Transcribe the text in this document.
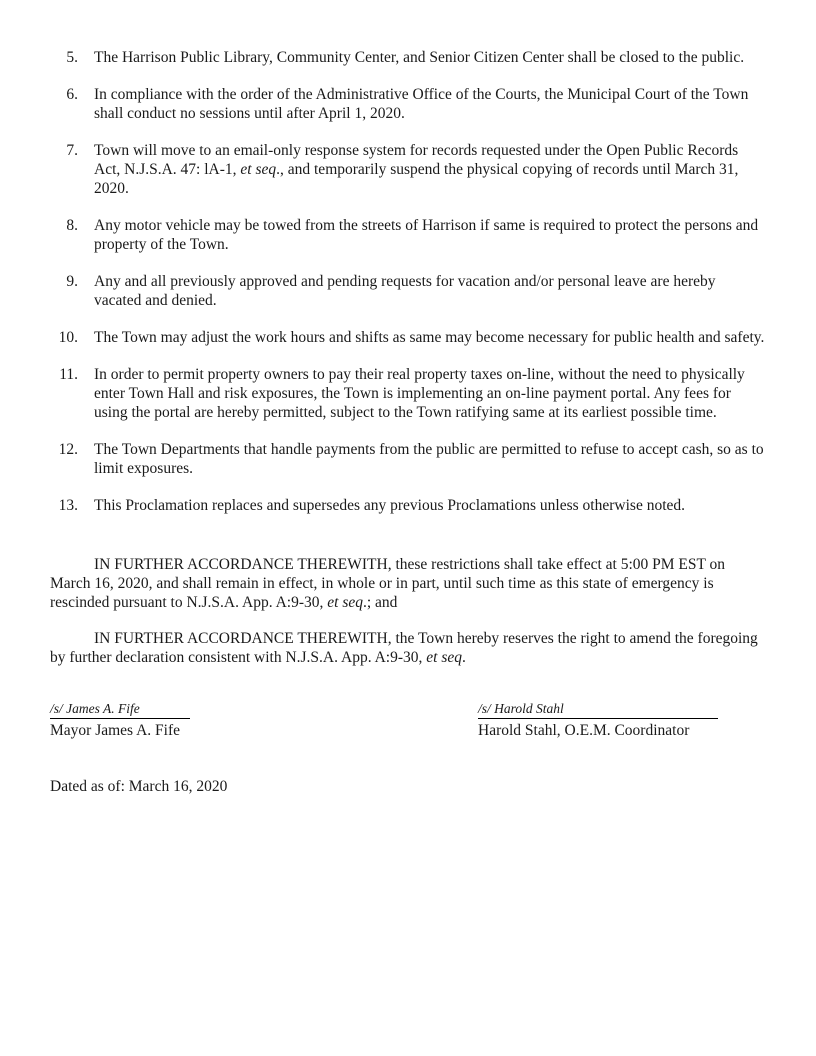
5. The Harrison Public Library, Community Center, and Senior Citizen Center shall be closed to the public.
6. In compliance with the order of the Administrative Office of the Courts, the Municipal Court of the Town shall conduct no sessions until after April 1, 2020.
7. Town will move to an email-only response system for records requested under the Open Public Records Act, N.J.S.A. 47: lA-1, et seq., and temporarily suspend the physical copying of records until March 31, 2020.
8. Any motor vehicle may be towed from the streets of Harrison if same is required to protect the persons and property of the Town.
9. Any and all previously approved and pending requests for vacation and/or personal leave are hereby vacated and denied.
10. The Town may adjust the work hours and shifts as same may become necessary for public health and safety.
11. In order to permit property owners to pay their real property taxes on-line, without the need to physically enter Town Hall and risk exposures, the Town is implementing an on-line payment portal. Any fees for using the portal are hereby permitted, subject to the Town ratifying same at its earliest possible time.
12. The Town Departments that handle payments from the public are permitted to refuse to accept cash, so as to limit exposures.
13. This Proclamation replaces and supersedes any previous Proclamations unless otherwise noted.
IN FURTHER ACCORDANCE THEREWITH, these restrictions shall take effect at 5:00 PM EST on March 16, 2020, and shall remain in effect, in whole or in part, until such time as this state of emergency is rescinded pursuant to N.J.S.A. App. A:9-30, et seq.; and
IN FURTHER ACCORDANCE THEREWITH, the Town hereby reserves the right to amend the foregoing by further declaration consistent with N.J.S.A. App. A:9-30, et seq.
/s/ James A. Fife
Mayor James A. Fife
/s/ Harold Stahl
Harold Stahl, O.E.M. Coordinator
Dated as of: March 16, 2020
